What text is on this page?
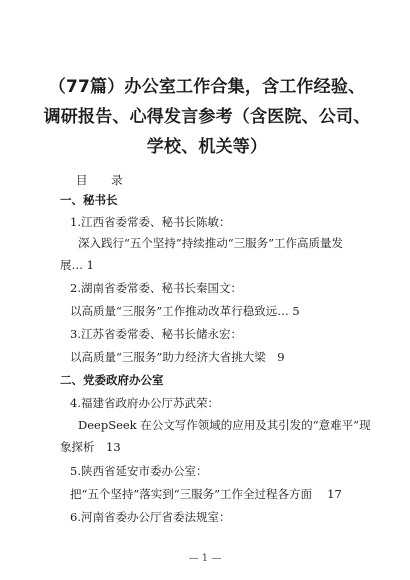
（77篇）办公室工作合集，含工作经验、
调研报告、心得发言参考（含医院、公司、
学校、机关等）
目 录
一、秘书长
1.江西省委常委、秘书长陈敏：
深入践行“五个坚持”持续推动“三服务”工作高质量发
展… 1
2.湖南省委常委、秘书长秦国文：
以高质量“三服务”工作推动改革行稳致远… 5
3.江苏省委常委、秘书长储永宏：
以高质量“三服务”助力经济大省挑大梁　9
二、党委政府办公室
4.福建省政府办公厅苏武荣：
DeepSeek 在公文写作领域的应用及其引发的“意难平”现
象探析　13
5.陕西省延安市委办公室：
把“五个坚持”落实到“三服务”工作全过程各方面　 17
6.河南省委办公厅省委法规室：
— 1 —
